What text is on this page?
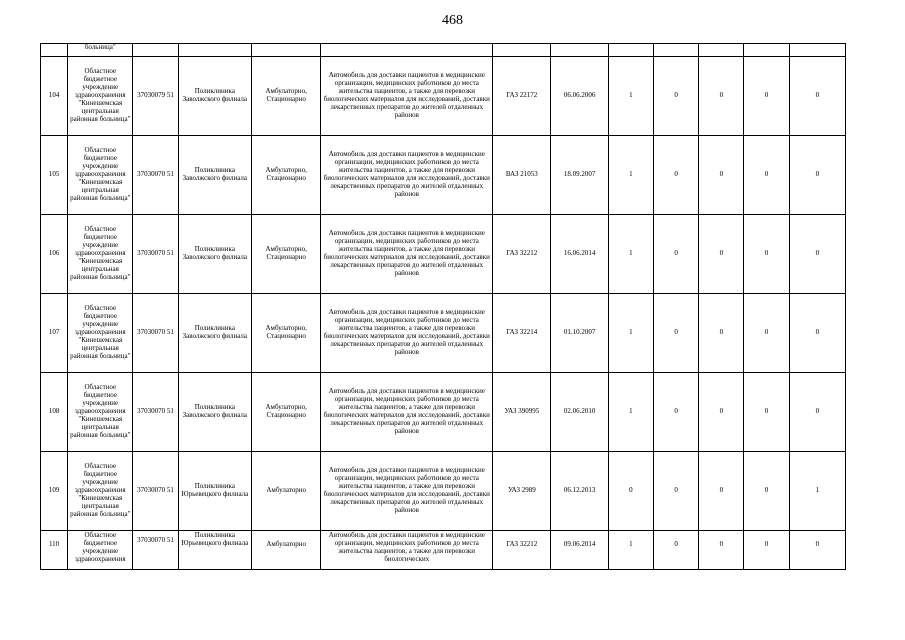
468
	больница"											
104	Областное бюджетное учреждение здравоохранения "Кинешемская центральная районная больница"	37030079 51	Поликлиника Заволжского филиала	Амбулаторно, Стационарно	Автомобиль для доставки пациентов в медицинские организации, медицинских работников до места жительства пациентов, а также для перевозки биологических материалов для исследований, доставки лекарственных препаратов до жителей отдаленных районов	ГАЗ 22172	06.06.2006	1	0	0	0	0
105	Областное бюджетное учреждение здравоохранения "Кинешемская центральная районная больница"	37030070 51	Поликлиника Заволжского филиала	Амбулаторно, Стационарно	Автомобиль для доставки пациентов в медицинские организации, медицинских работников до места жительства пациентов, а также для перевозки биологических материалов для исследований, доставки лекарственных препаратов до жителей отдаленных районов	ВАЗ 21053	18.09.2007	1	0	0	0	0
106	Областное бюджетное учреждение здравоохранения "Кинешемская центральная районная больница"	37030070 51	Поликлиника Заволжского филиала	Амбулаторно, Стационарно	Автомобиль для доставки пациентов в медицинские организации, медицинских работников до места жительства пациентов, а также для перевозки биологических материалов для исследований, доставки лекарственных препаратов до жителей отдаленных районов	ГАЗ 32212	16.06.2014	1	0	0	0	0
107	Областное бюджетное учреждение здравоохранения "Кинешемская центральная районная больница"	37030070 51	Поликлиника Заволжского филиала	Амбулаторно, Стационарно	Автомобиль для доставки пациентов в медицинские организации, медицинских работников до места жительства пациентов, а также для перевозки биологических материалов для исследований, доставки лекарственных препаратов до жителей отдаленных районов	ГАЗ 32214	01.10.2007	1	0	0	0	0
108	Областное бюджетное учреждение здравоохранения "Кинешемская центральная районная больница"	37030070 51	Поликлиника Заволжского филиала	Амбулаторно, Стационарно	Автомобиль для доставки пациентов в медицинские организации, медицинских работников до места жительства пациентов, а также для перевозки биологических материалов для исследований, доставки лекарственных препаратов до жителей отдаленных районов	УАЗ 390995	02.06.2010	1	0	0	0	0
109	Областное бюджетное учреждение здравоохранения "Кинешемская центральная районная больница"	37030070 51	Поликлиника Юрьевецкого филиала	Амбулаторно	Автомобиль для доставки пациентов в медицинские организации, медицинских работников до места жительства пациентов, а также для перевозки биологических материалов для исследований, доставки лекарственных препаратов до жителей отдаленных районов	УАЗ 2989	06.12.2013	0	0	0	0	1

110	Областное бюджетное учреждение здравоохранения	37030070 51	Поликлиника Юрьевецкого филиала	Амбулаторно	Автомобиль для доставки пациентов в медицинские организации, медицинских работников до места жительства пациентов, а также для перевозки биологических	ГАЗ 32212	09.06.2014	1	0	0	0	0
